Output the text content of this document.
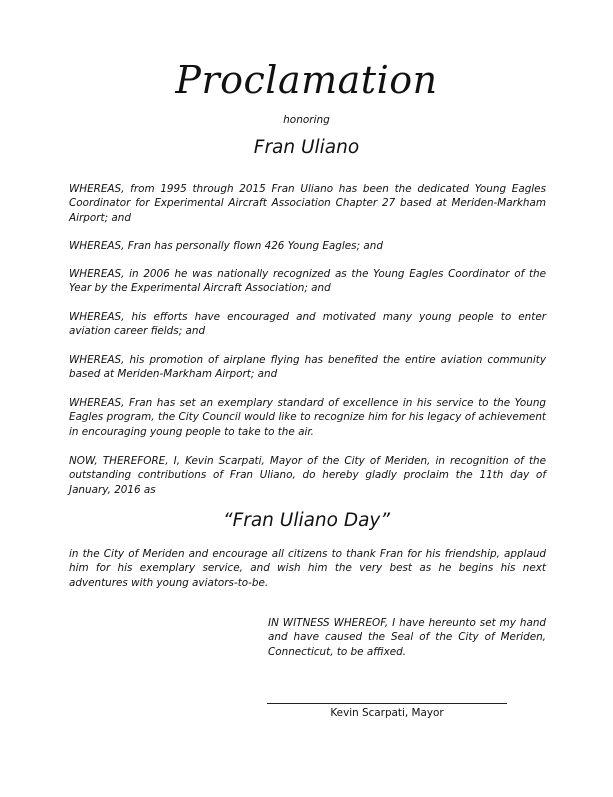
Proclamation
honoring
Fran Uliano

WHEREAS, from 1995 through 2015 Fran Uliano has been the dedicated Young Eagles Coordinator for Experimental Aircraft Association Chapter 27 based at Meriden-Markham Airport; and

WHEREAS, Fran has personally flown 426 Young Eagles; and

WHEREAS, in 2006 he was nationally recognized as the Young Eagles Coordinator of the Year by the Experimental Aircraft Association; and

WHEREAS, his efforts have encouraged and motivated many young people to enter aviation career fields; and

WHEREAS, his promotion of airplane flying has benefited the entire aviation community based at Meriden-Markham Airport; and

WHEREAS, Fran has set an exemplary standard of excellence in his service to the Young Eagles program, the City Council would like to recognize him for his legacy of achievement in encouraging young people to take to the air.

NOW, THEREFORE, I, Kevin Scarpati, Mayor of the City of Meriden, in recognition of the outstanding contributions of Fran Uliano, do hereby gladly proclaim the 11th day of January, 2016 as

“Fran Uliano Day”

in the City of Meriden and encourage all citizens to thank Fran for his friendship, applaud him for his exemplary service, and wish him the very best as he begins his next adventures with young aviators-to-be.

IN WITNESS WHEREOF, I have hereunto set my hand and have caused the Seal of the City of Meriden, Connecticut, to be affixed.

Kevin Scarpati, Mayor
